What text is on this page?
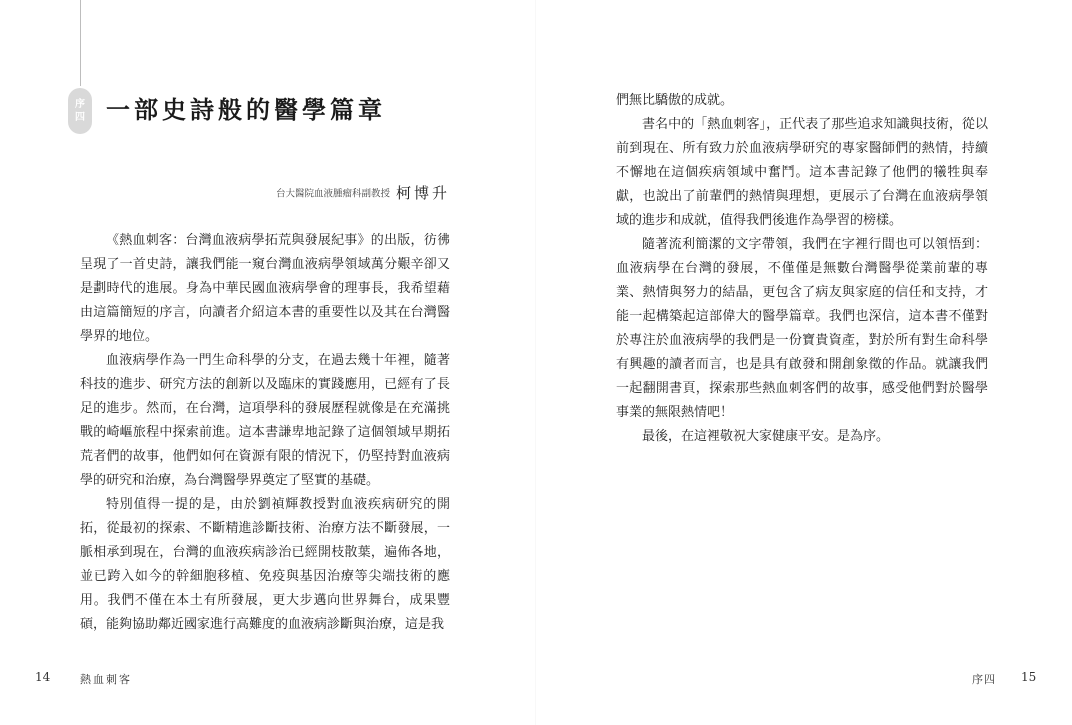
序
四 一部史詩般的醫學篇章
台大醫院血液腫瘤科副教授 柯博升

《熱血刺客：台灣血液病學拓荒與發展紀事》的出版，彷彿呈現了一首史詩，讓我們能一窺台灣血液病學領域萬分艱辛卻又是劃時代的進展。身為中華民國血液病學會的理事長，我希望藉由這篇簡短的序言，向讀者介紹這本書的重要性以及其在台灣醫學界的地位。

血液病學作為一門生命科學的分支，在過去幾十年裡，隨著科技的進步、研究方法的創新以及臨床的實踐應用，已經有了長足的進步。然而，在台灣，這項學科的發展歷程就像是在充滿挑戰的崎嶇旅程中探索前進。這本書謙卑地記錄了這個領域早期拓荒者們的故事，他們如何在資源有限的情況下，仍堅持對血液病學的研究和治療，為台灣醫學界奠定了堅實的基礎。

特別值得一提的是，由於劉禎輝教授對血液疾病研究的開拓，從最初的探索、不斷精進診斷技術、治療方法不斷發展，一脈相承到現在，台灣的血液疾病診治已經開枝散葉，遍佈各地，並已跨入如今的幹細胞移植、免疫與基因治療等尖端技術的應用。我們不僅在本土有所發展，更大步邁向世界舞台，成果豐碩，能夠協助鄰近國家進行高難度的血液病診斷與治療，這是我

14	熱血刺客

們無比驕傲的成就。

書名中的「熱血刺客」，正代表了那些追求知識與技術，從以前到現在、所有致力於血液病學研究的專家醫師們的熱情，持續不懈地在這個疾病領域中奮鬥。這本書記錄了他們的犧牲與奉獻，也說出了前輩們的熱情與理想，更展示了台灣在血液病學領域的進步和成就，值得我們後進作為學習的榜樣。

隨著流利簡潔的文字帶領，我們在字裡行間也可以領悟到：血液病學在台灣的發展，不僅僅是無數台灣醫學從業前輩的專業、熱情與努力的結晶，更包含了病友與家庭的信任和支持，才能一起構築起這部偉大的醫學篇章。我們也深信，這本書不僅對於專注於血液病學的我們是一份寶貴資產，對於所有對生命科學有興趣的讀者而言，也是具有啟發和開創象徵的作品。就讓我們一起翻開書頁，探索那些熱血刺客們的故事，感受他們對於醫學事業的無限熱情吧！

最後，在這裡敬祝大家健康平安。是為序。

序四 15
